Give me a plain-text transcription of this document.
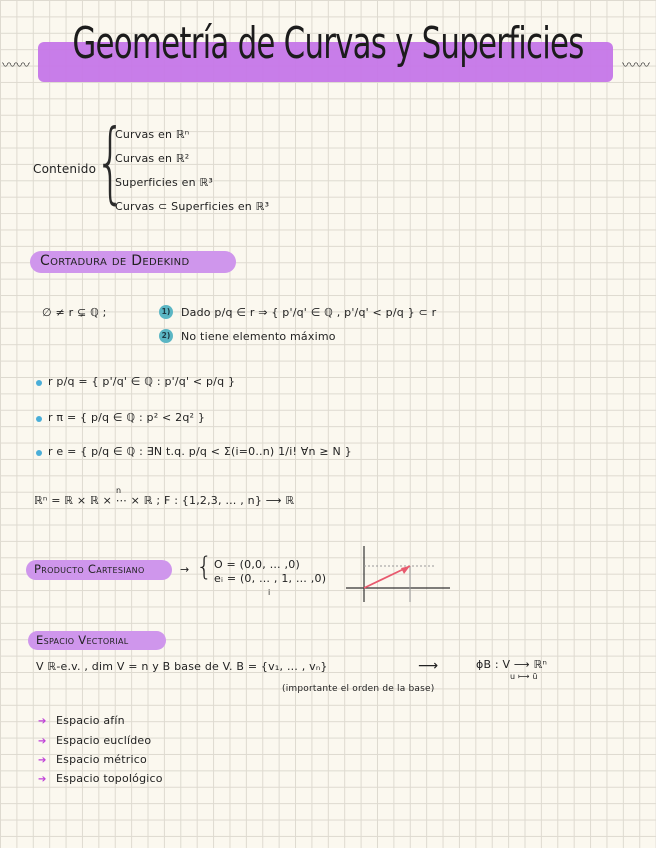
〰〰	〰〰
Geometría de Curvas y Superficies
Contenido
{
Curvas en ℝⁿ
Curvas en ℝ²
Superficies en ℝ³
Curvas ⊂ Superficies en ℝ³
Cortadura de Dedekind
∅ ≠ r ⊊ ℚ ;	1) Dado p/q ∈ r ⇒ { p'/q' ∈ ℚ , p'/q' < p/q } ⊂ r
2) No tiene elemento máximo
r p/q = { p'/q' ∈ ℚ : p'/q' < p/q }
r π = { p/q ∈ ℚ : p² < 2q² }
r e = { p/q ∈ ℚ : ∃N t.q. p/q < Σ(i=0..n) 1/i! ∀n ≥ N }
n
ℝⁿ = ℝ × ℝ × ⋯ × ℝ ; F : {1,2,3, … , n} ⟶ ℝ
Producto Cartesiano	→ { O = (0,0, … ,0)
eᵢ = (0, … , 1, … ,0)
i
Espacio Vectorial
V ℝ-e.v. , dim V = n y B base de V. B = {v₁, … , vₙ}	⟶	ϕB : V ⟶ ℝⁿ
u ⟼ ū
(importante el orden de la base)
➔ Espacio afín
➔ Espacio euclídeo
➔ Espacio métrico
➔ Espacio topológico
